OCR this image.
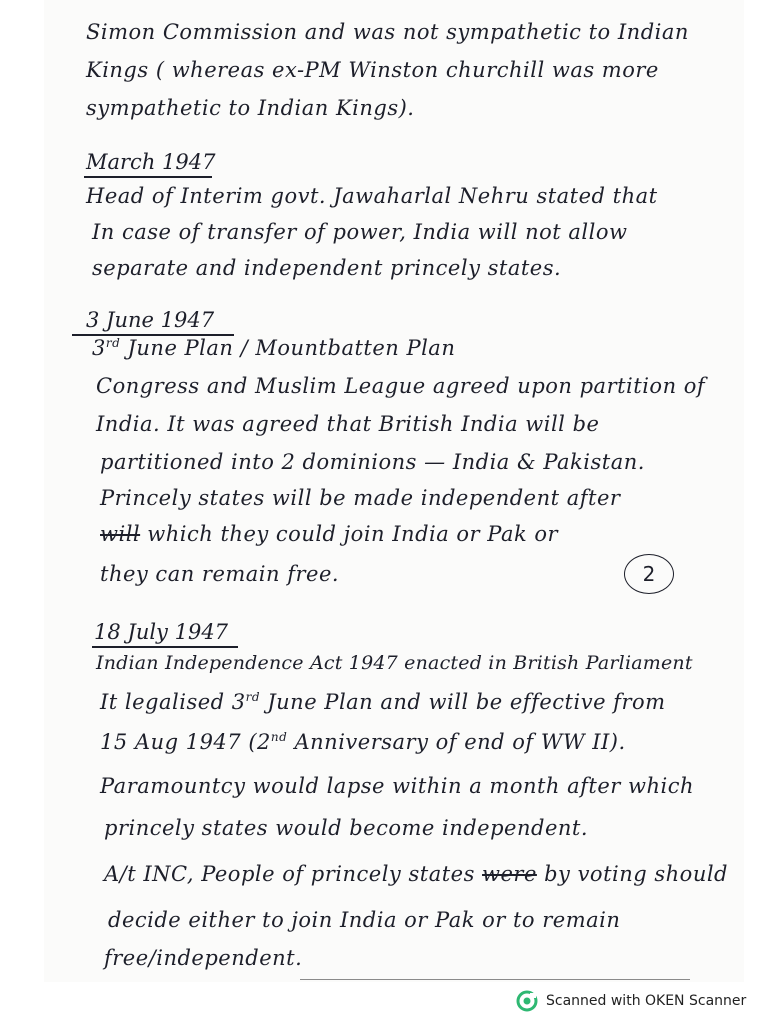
Simon Commission and was not sympathetic to Indian
Kings ( whereas ex-PM Winston churchill was more
sympathetic to Indian Kings).
March 1947
Head of Interim govt. Jawaharlal Nehru stated that
In case of transfer of power, India will not allow
separate and independent princely states.
3 June 1947
3rd June Plan / Mountbatten Plan
Congress and Muslim League agreed upon partition of
India. It was agreed that British India will be
partitioned into 2 dominions — India & Pakistan.
Princely states will be made independent after
will which they could join India or Pak or
they can remain free.	2
18 July 1947
Indian Independence Act 1947 enacted in British Parliament
It legalised 3rd June Plan and will be effective from
15 Aug 1947 (2nd Anniversary of end of WW II).
Paramountcy would lapse within a month after which
princely states would become independent.
A/t INC, People of princely states were by voting should
decide either to join India or Pak or to remain
free/independent.
Scanned with OKEN Scanner
